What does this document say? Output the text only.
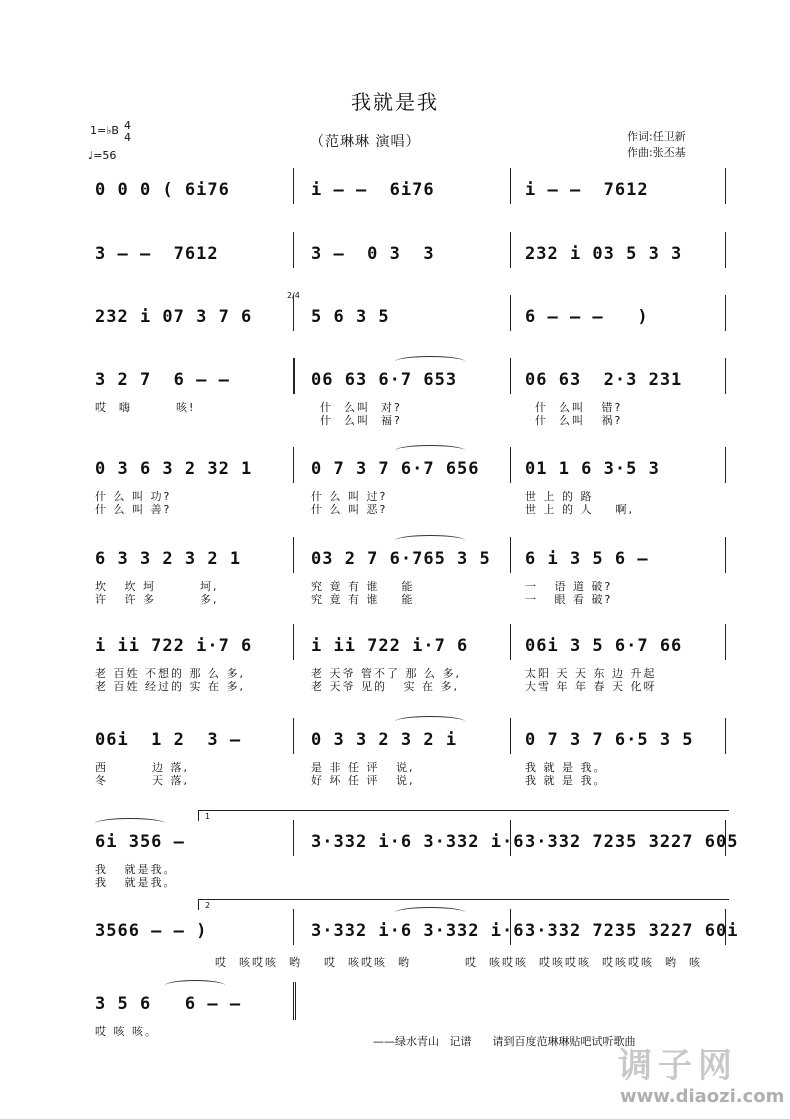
我就是我
（范琳琳 演唱）	作词:任卫新
作曲:张丕基
1=♭B 4
4
♩=56
0 0 0 ( 6i76	i – –  6i76	i – –  7612
3 – –  7612	3 –  0 3  3	232 i 03 5 3 3
232 i 07 3 7 6	5 6 3 5	6 – – –   )
2/4
3 2 7  6 – –	06 63 6·7 653	06 63  2·3 231
哎  嗨        咳!	什  么叫  对?	什  么叫   错?
什  么叫  福?	什  么叫   祸?
0 3 6 3 2 32 1	0 7 3 7 6·7 656	01 1 6 3·5 3
什 么 叫 功?	什 么 叫 过?	世 上 的 路
什 么 叫 善?	什 么 叫 恶?	世 上 的 人    啊,
6 3 3 2 3 2 1	03 2 7 6·765 3 5 6 i 3 5 6 –
坎   坎 坷        坷,	究 竟 有 谁    能	一   语 道 破?
许   许 多        多,	究 竟 有 谁    能	一   眼 看 破?
i ii 722 i·7 6	i ii 722 i·7 6	06i 3 5 6·7 66
老 百姓 不想的 那 么 多,	老 天爷 管不了 那 么 多,	太阳 天 天 东 边 升起
老 百姓 经过的 实 在 多,	老 天爷 见的   实 在 多,	大雪 年 年 春 天 化呀
06i  1 2  3 –	0 3 3 2 3 2 i	0 7 3 7 6·5 3 5
西        边 落,	是 非 任 评   说,	我 就 是 我。
冬        天 落,	好 坏 任 评   说,	我 就 是 我。
6i 356 –	3·332 i·6 3·332 i·6 3·332 7235 3227 605
1
我   就是我。
我   就是我。
3566 – – )	3·332 i·6 3·332 i·6 3·332 7235 3227 60i
2
哎  咳哎咳  哟    哎  咳哎咳  哟	哎  咳哎咳  哎咳哎咳  哎咳哎咳  哟  咳
3 5 6   6 – –
哎 咳 咳。
——绿水青山   记谱      请到百度范琳琳贴吧试听歌曲
调子网
www.diaozi.com
